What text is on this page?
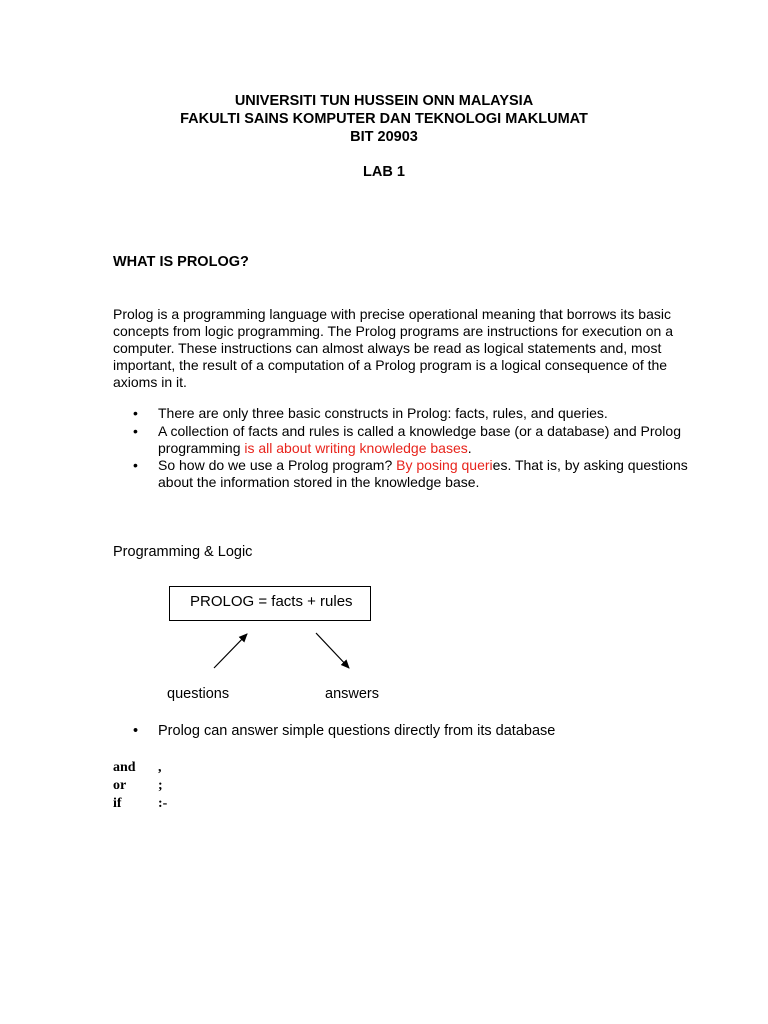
UNIVERSITI TUN HUSSEIN ONN MALAYSIA
FAKULTI SAINS KOMPUTER DAN TEKNOLOGI MAKLUMAT
BIT 20903
LAB 1
WHAT IS PROLOG?
Prolog is a programming language with precise operational meaning that borrows its basic
concepts from logic programming. The Prolog programs are instructions for execution on a
computer. These instructions can almost always be read as logical statements and, most
important, the result of a computation of a Prolog program is a logical consequence of the
axioms in it.
• There are only three basic constructs in Prolog: facts, rules, and queries.
• A collection of facts and rules is called a knowledge base (or a database) and Prolog
programming is all about writing knowledge bases.
• So how do we use a Prolog program? By posing queries. That is, by asking questions
about the information stored in the knowledge base.
Programming & Logic
PROLOG = facts + rules
questions	answers
• Prolog can answer simple questions directly from its database
and ,
or ;
if	:-
